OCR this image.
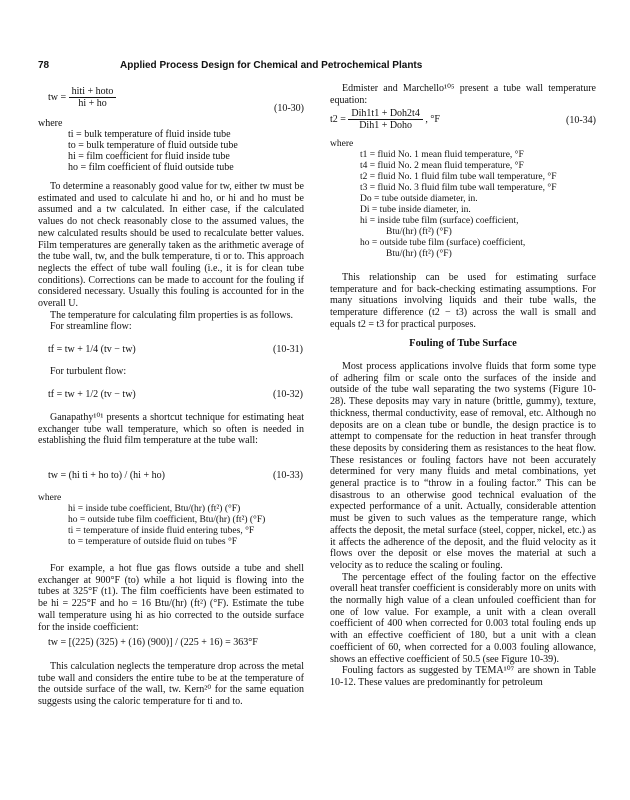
78	Applied Process Design for Chemical and Petrochemical Plants
tw = $\frac{\text{hiti + hoto}}{hi + ho}$	(10-30)
where
ti = bulk temperature of fluid inside tube
to = bulk temperature of fluid outside tube
hi = film coefficient for fluid inside tube
ho = film coefficient of fluid outside tube

To determine a reasonably good value for tw, either tw must be estimated and used to calculate hi and ho, or hi and ho must be assumed and a tw calculated. In either case, if the calculated values do not check reasonably close to the assumed values, the new calculated results should be used to recalculate better values. Film temperatures are generally taken as the arithmetic average of the tube wall, tw, and the bulk temperature, ti or to. This approach neglects the effect of tube wall fouling (i.e., it is for clean tube conditions). Corrections can be made to account for the fouling if considered necessary. Usually this fouling is accounted for in the overall U.

The temperature for calculating film properties is as follows.

For streamline flow:

tf = tw + 1/4 (tv − tw)	(10-31)

For turbulent flow:

tf = tw + 1/2 (tv − tw)	(10-32)

Ganapathy¹⁰¹ presents a shortcut technique for estimating heat exchanger tube wall temperature, which so often is needed in establishing the fluid film temperature at the tube wall:

tw = (hi ti + ho to) / (hi + ho)	(10-33)
where
hi = inside tube coefficient, Btu/(hr) (ft²) (°F)
ho = outside tube film coefficient, Btu/(hr) (ft²) (°F)
ti = temperature of inside fluid entering tubes, °F
to = temperature of outside fluid on tubes °F

For example, a hot flue gas flows outside a tube and shell exchanger at 900°F (to) while a hot liquid is flowing into the tubes at 325°F (t1). The film coefficients have been estimated to be hi = 225°F and ho = 16 Btu/(hr) (ft²) (°F). Estimate the tube wall temperature using hi as hio corrected to the outside surface for the inside coefficient:

tw = [(225) (325) + (16) (900)] / (225 + 16) = 363°F

This calculation neglects the temperature drop across the metal tube wall and considers the entire tube to be at the temperature of the outside surface of the wall, tw. Kern²⁰ for the same equation suggests using the caloric temperature for ti and to.

Edmister and Marchello¹⁰⁵ present a tube wall temperature equation:

$t2 = \frac{\text{Dih1t1 + Doh2t4}}{\text{Dih1 + Doho}}$ , °F	(10-34)
where
t1 = fluid No. 1 mean fluid temperature, °F
t4 = fluid No. 2 mean fluid temperature, °F
t2 = fluid No. 1 fluid film tube wall temperature, °F
t3 = fluid No. 3 fluid film tube wall temperature, °F
Do = tube outside diameter, in.
Di = tube inside diameter, in.
hi = inside tube film (surface) coefficient,
Btu/(hr) (ft²) (°F)
ho = outside tube film (surface) coefficient,
Btu/(hr) (ft²) (°F)

This relationship can be used for estimating surface temperature and for back-checking estimating assumptions. For many situations involving liquids and their tube walls, the temperature difference (t2 − t3) across the wall is small and equals t2 = t3 for practical purposes.

Fouling of Tube Surface

Most process applications involve fluids that form some type of adhering film or scale onto the surfaces of the inside and outside of the tube wall separating the two systems (Figure 10-28). These deposits may vary in nature (brittle, gummy), texture, thickness, thermal conductivity, ease of removal, etc. Although no deposits are on a clean tube or bundle, the design practice is to attempt to compensate for the reduction in heat transfer through these deposits by considering them as resistances to the heat flow. These resistances or fouling factors have not been accurately determined for very many fluids and metal combinations, yet general practice is to “throw in a fouling factor.” This can be disastrous to an otherwise good technical evaluation of the expected performance of a unit. Actually, considerable attention must be given to such values as the temperature range, which affects the deposit, the metal surface (steel, copper, nickel, etc.) as it affects the adherence of the deposit, and the fluid velocity as it flows over the deposit or else moves the material at such a velocity as to reduce the scaling or fouling.

The percentage effect of the fouling factor on the effective overall heat transfer coefficient is considerably more on units with the normally high value of a clean unfouled coefficient than for one of low value. For example, a unit with a clean overall coefficient of 400 when corrected for 0.003 total fouling ends up with an effective coefficient of 180, but a unit with a clean coefficient of 60, when corrected for a 0.003 fouling allowance, shows an effective coefficient of 50.5 (see Figure 10-39).

Fouling factors as suggested by TEMA¹⁰⁷ are shown in Table 10-12. These values are predominantly for petroleum
